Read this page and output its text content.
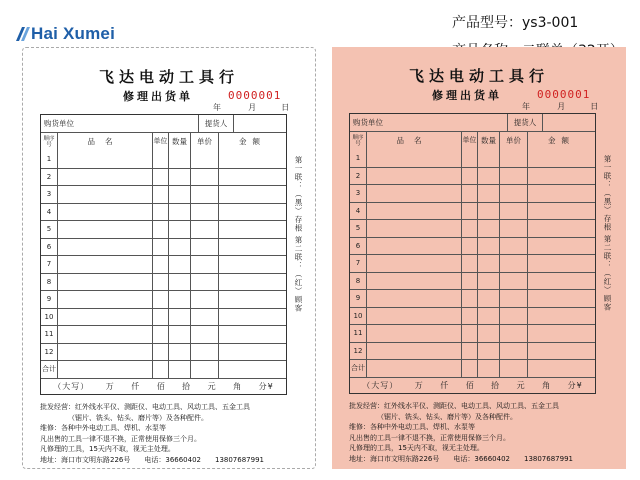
Hai Xumei
产品型号：ys3-001
飞达电动工具行
修理出货单	0000001
年	月	日
购货单位	提货人
顺序号	品名	单位 数量	单价	金额
1
2
3
4
5
6
7
8
9
10
11
12
合计
（大写） 万 仟 佰 拾 元 角 分¥
第一联：（黑）存根 第二联：（红）顾客
批发经营：红外线水平仪、测距仪、电动工具、风动工具、五金工具
（锯片、铣头、钻头、磨片等）及各种配件。
维修：各种中外电动工具、焊机、水泵等
凡出售的工具一律不退不换，正常使用保修三个月。
凡修理的工具，15天内不取，视无主处理。
地址：海口市文明东路226号　　电话：36660402　　13807687991
飞达电动工具行
修理出货单	0000001
年	月	日
购货单位	提货人
顺序号	品名	单位 数量	单价	金额
1
2
3
4
5
6
7
8
9
10
11
12
合计
（大写） 万 仟 佰 拾 元 角 分¥
第一联：（黑）存根 第二联：（红）顾客
批发经营：红外线水平仪、测距仪、电动工具、风动工具、五金工具
（锯片、铣头、钻头、磨片等）及各种配件。
维修：各种中外电动工具、焊机、水泵等
凡出售的工具一律不退不换，正常使用保修三个月。
凡修理的工具，15天内不取，视无主处理。
地址：海口市文明东路226号　　电话：36660402　　13807687991
